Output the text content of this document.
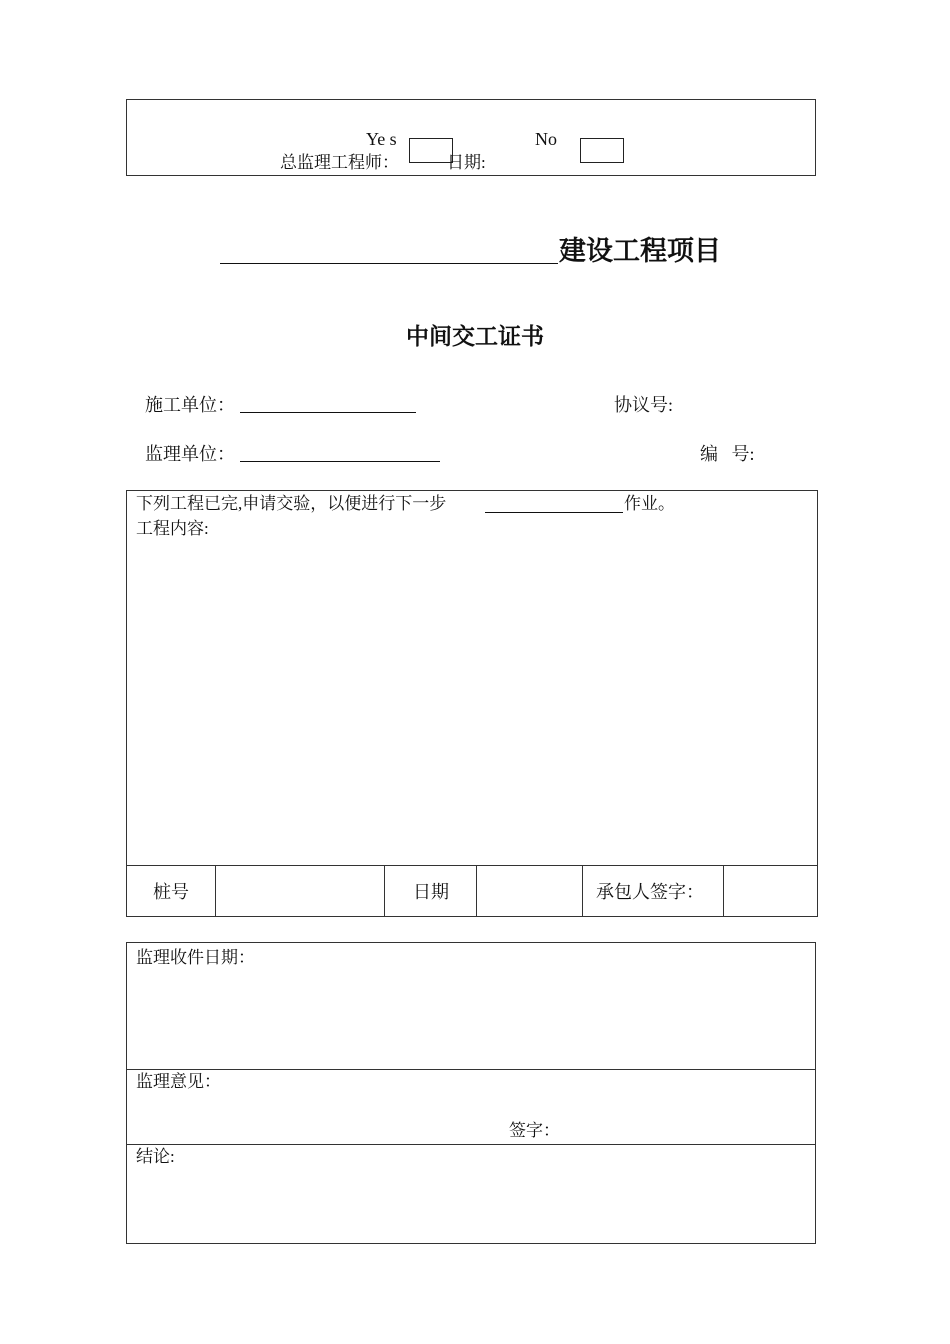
Ye s	No
总监理工程师：	日期:
建设工程项目
中间交工证书
施工单位：	协议号:
监理单位：	编   号:
下列工程已完,申请交验，以便进行下一步	作业。
工程内容:
桩号	日期	承包人签字：
监理收件日期：
监理意见：
签字：
结论:
